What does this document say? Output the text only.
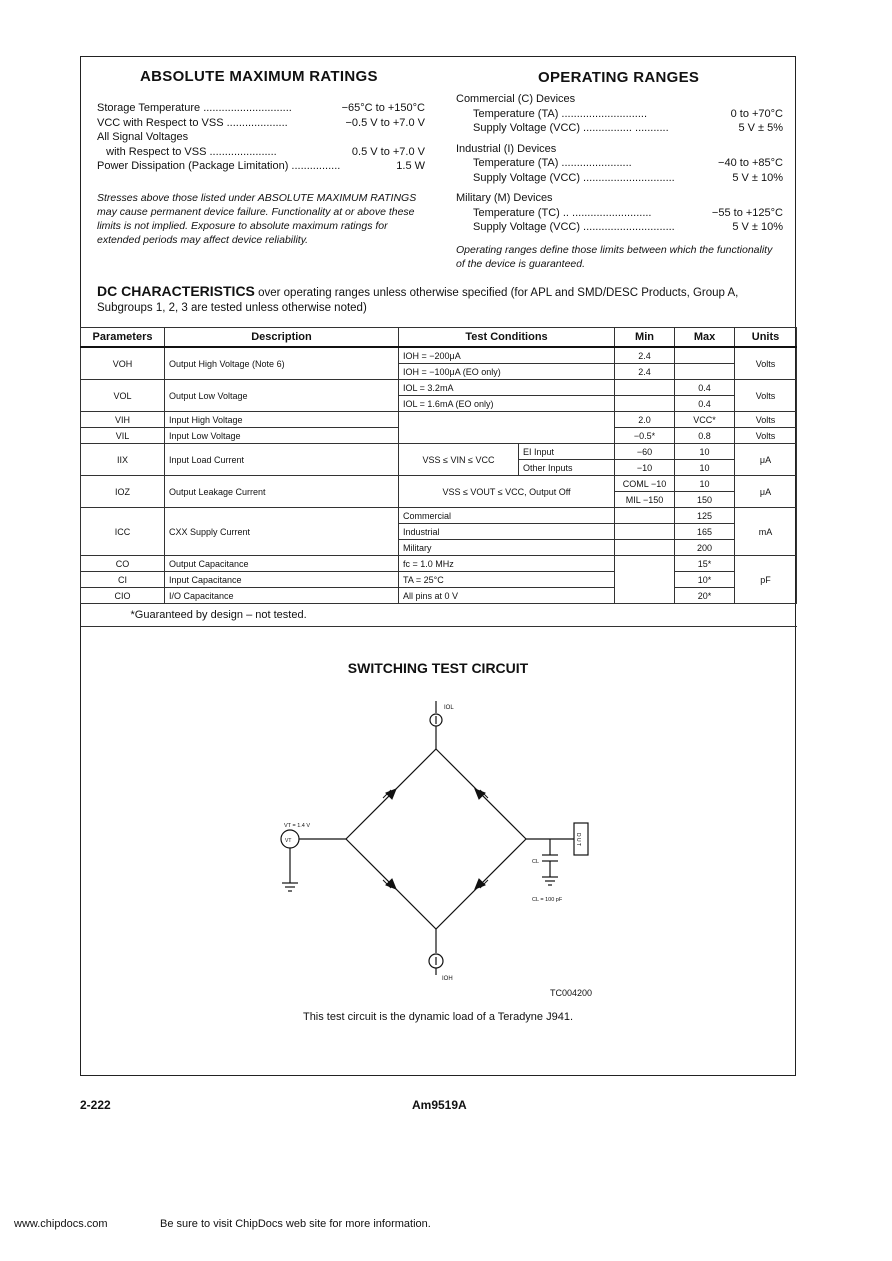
ABSOLUTE MAXIMUM RATINGS
Storage Temperature .............................	−65°C to +150°C
VCC with Respect to VSS ....................	−0.5 V to +7.0 V
All Signal Voltages
with Respect to VSS ......................	0.5 V to +7.0 V
Power Dissipation (Package Limitation) ................	1.5 W
Stresses above those listed under ABSOLUTE MAXIMUM RATINGS may cause permanent device failure. Functionality at or above these limits is not implied. Exposure to absolute maximum ratings for extended periods may affect device reliability.
OPERATING RANGES
Commercial (C) Devices
Temperature (TA) ............................	0 to +70°C
Supply Voltage (VCC) ................ ...........	5 V ± 5%
Industrial (I) Devices
Temperature (TA) .......................	−40 to +85°C
Supply Voltage (VCC) ..............................	5 V ± 10%
Military (M) Devices
Temperature (TC) .. ..........................	−55 to +125°C
Supply Voltage (VCC) ..............................	5 V ± 10%
Operating ranges define those limits between which the functionality of the device is guaranteed.
DC CHARACTERISTICS over operating ranges unless otherwise specified (for APL and SMD/DESC Products, Group A, Subgroups 1, 2, 3 are tested unless otherwise noted)
Parameters	Description	Test Conditions		Min	Max	Units
VOH	Output High Voltage (Note 6)	IOH = −200μA		2.4		Volts
		IOH = −100μA (EO only)		2.4		
VOL	Output Low Voltage	IOL = 3.2mA			0.4	Volts
		IOL = 1.6mA (EO only)			0.4	
VIH	Input High Voltage			2.0	VCC*	Volts
VIL	Input Low Voltage			−0.5*	0.8	Volts
IIX	Input Load Current	VSS ≤ VIN ≤ VCC	EI Input	−60	10	μA
			Other Inputs	−10	10	
IOZ	Output Leakage Current	VSS ≤ VOUT ≤ VCC, Output Off		COML −10	10	μA
				MIL −150	150	
ICC	CXX Supply Current	Commercial			125	mA
		Industrial			165	
		Military			200	
CO	Output Capacitance	fc = 1.0 MHz			15*	pF
CI	Input Capacitance	TA = 25°C			10*	
CIO	I/O Capacitance	All pins at 0 V			20*	
*Guaranteed by design – not tested.						
SWITCHING TEST CIRCUIT
IOL
IOH
VT = 1.4 V
VT
CL
CL = 100 pF
D U T
TC004200
This test circuit is the dynamic load of a Teradyne J941.
2-222	Am9519A
www.chipdocs.com	Be sure to visit ChipDocs web site for more information.
